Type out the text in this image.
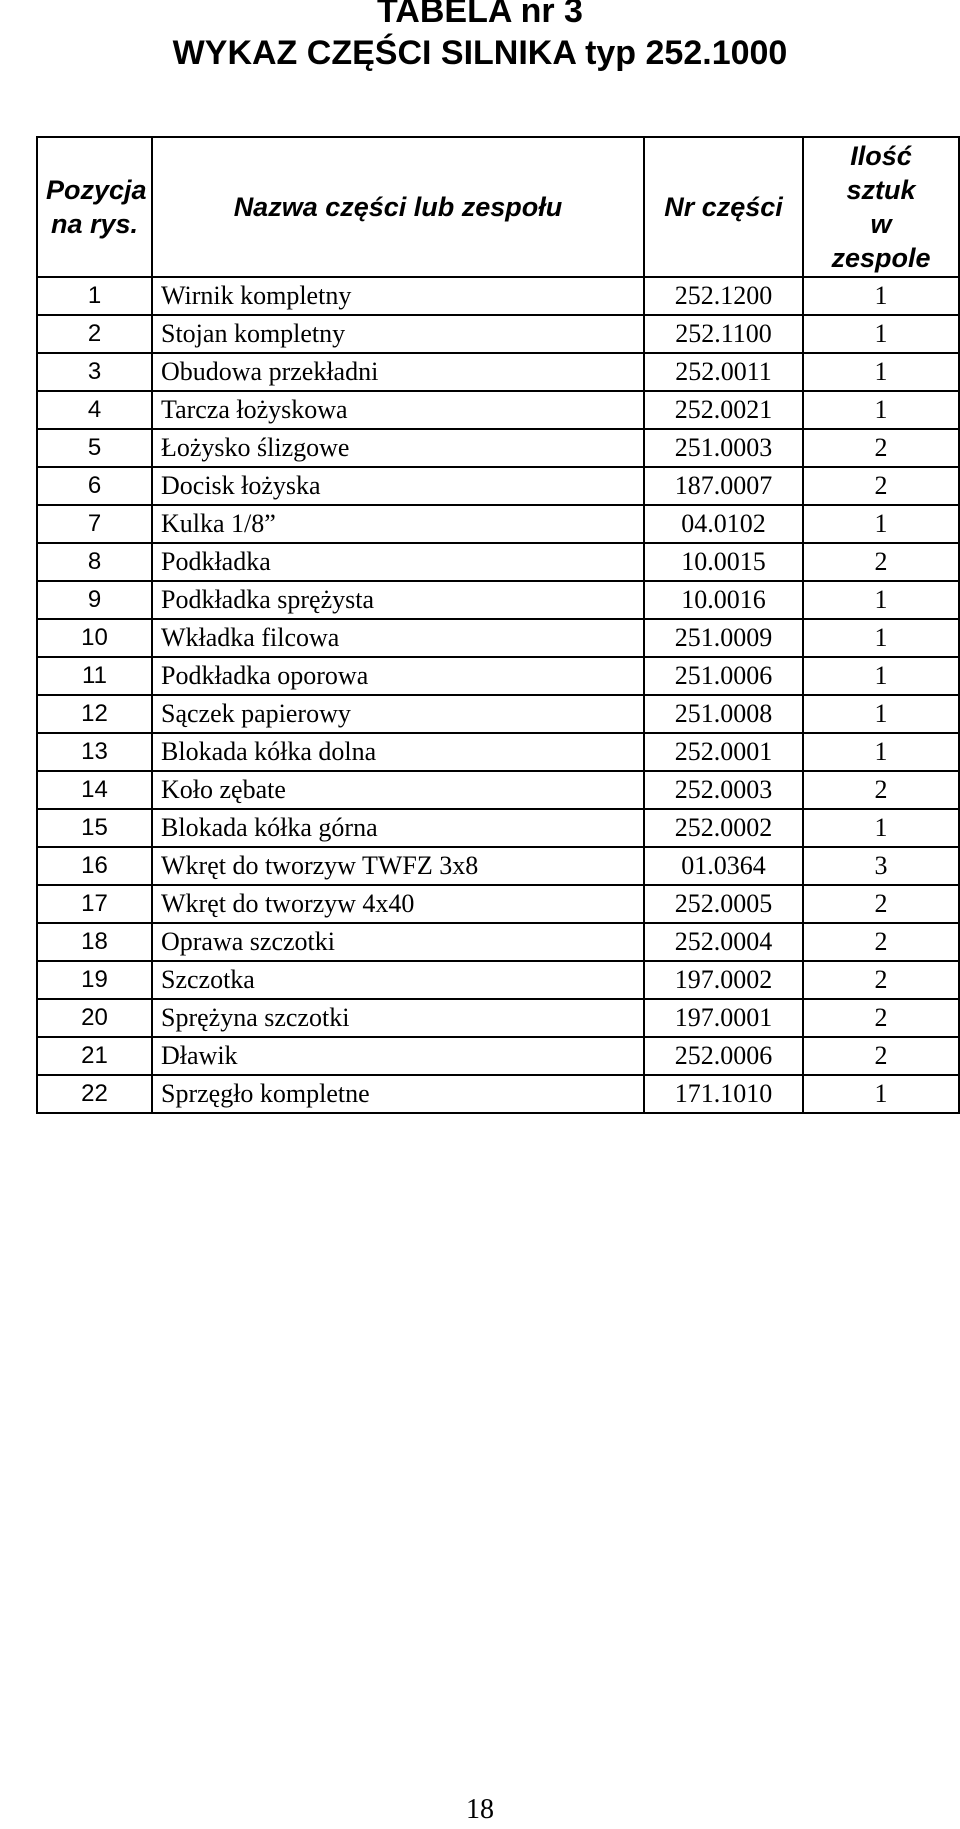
TABELA nr 3
WYKAZ CZĘŚCI SILNIKA typ 252.1000
Pozycja
na rys.	Nazwa części lub zespołu	Nr części	Ilość
sztuk
w
zespole
1	Wirnik kompletny	252.1200	1
2	Stojan kompletny	252.1100	1
3	Obudowa przekładni	252.0011	1
4	Tarcza łożyskowa	252.0021	1
5	Łożysko ślizgowe	251.0003	2
6	Docisk łożyska	187.0007	2
7	Kulka 1/8”	04.0102	1
8	Podkładka	10.0015	2
9	Podkładka sprężysta	10.0016	1
10	Wkładka filcowa	251.0009	1
11	Podkładka oporowa	251.0006	1
12	Sączek papierowy	251.0008	1
13	Blokada kółka dolna	252.0001	1
14	Koło zębate	252.0003	2
15	Blokada kółka górna	252.0002	1
16	Wkręt do tworzyw TWFZ 3x8	01.0364	3
17	Wkręt do tworzyw 4x40	252.0005	2
18	Oprawa szczotki	252.0004	2
19	Szczotka	197.0002	2
20	Sprężyna szczotki	197.0001	2
21	Dławik	252.0006	2
22	Sprzęgło kompletne	171.1010	1
18
